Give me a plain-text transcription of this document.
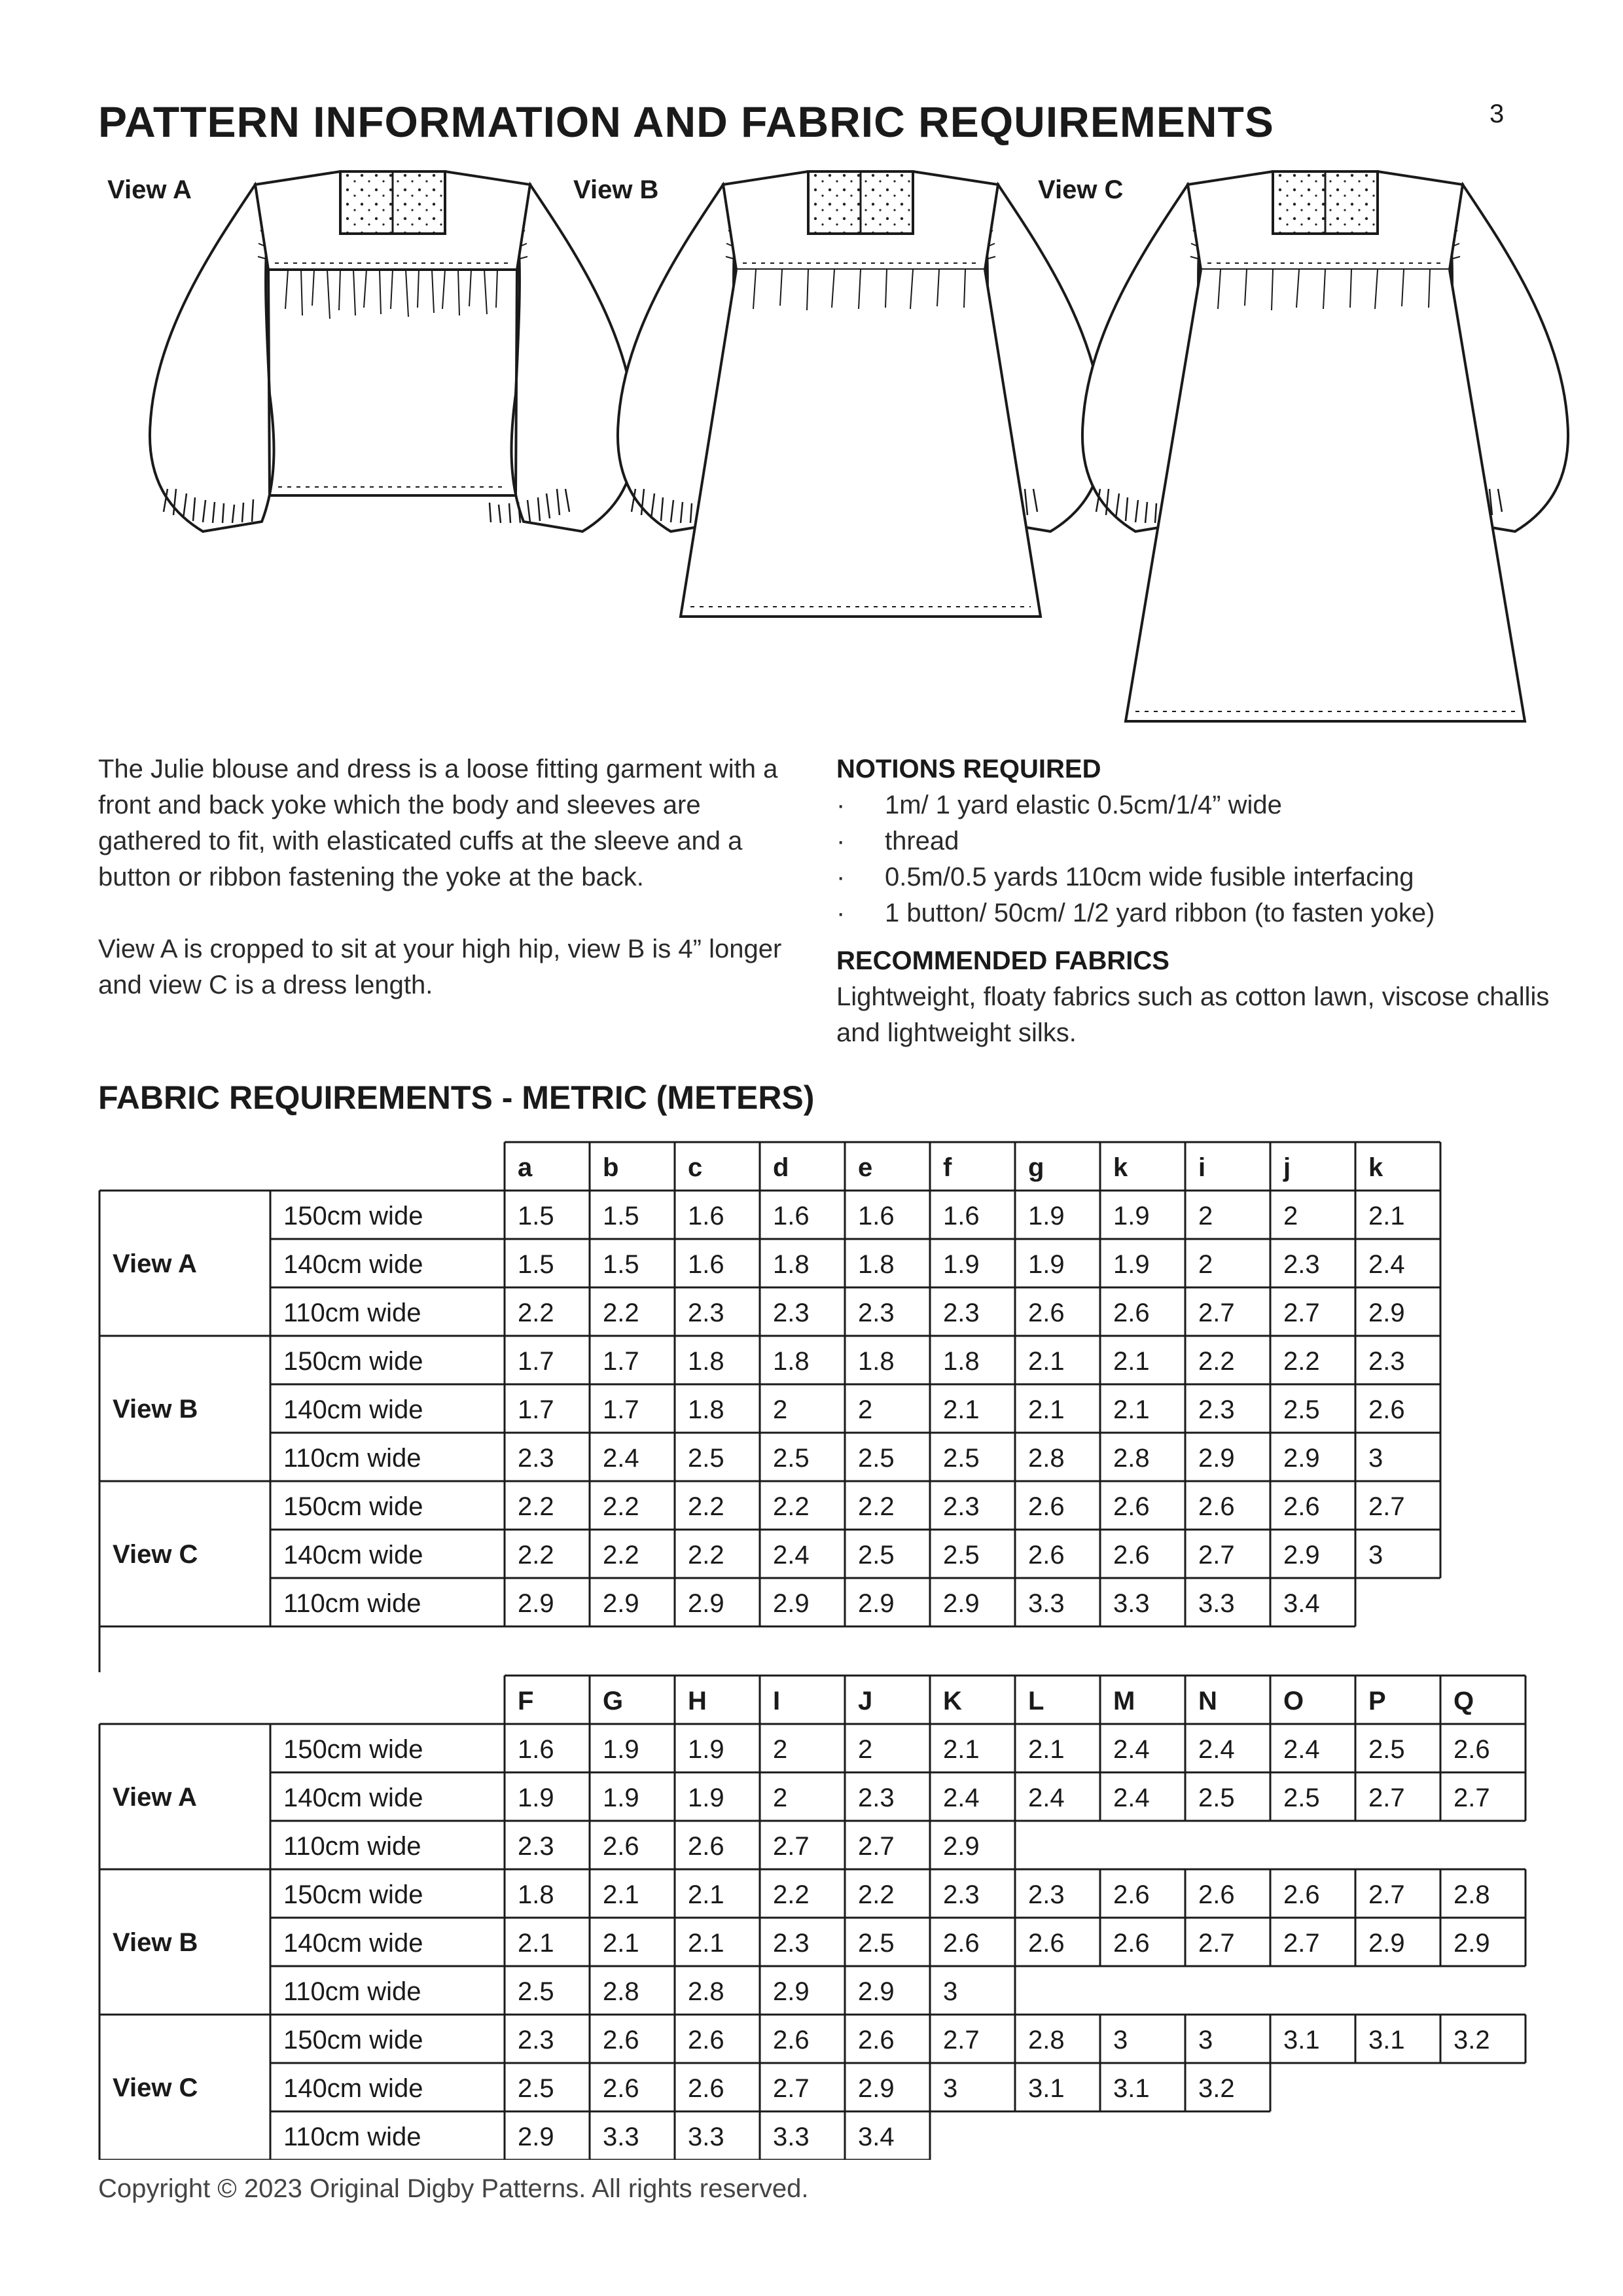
PATTERN INFORMATION AND FABRIC REQUIREMENTS	3
View A	View B	View C

The Julie blouse and dress is a loose fitting garment with a front and back yoke which the body and sleeves are gathered to fit, with elasticated cuffs at the sleeve and a button or ribbon fastening the yoke at the back.

View A is cropped to sit at your high hip, view B is 4” longer and view C is a dress length.

NOTIONS REQUIRED
· 1m/ 1 yard elastic 0.5cm/1/4” wide
· thread
· 0.5m/0.5 yards 110cm wide fusible interfacing
· 1 button/ 50cm/ 1/2 yard ribbon (to fasten yoke)
RECOMMENDED FABRICS

Lightweight, floaty fabrics such as cotton lawn, viscose challis and lightweight silks.

FABRIC REQUIREMENTS - METRIC (METERS)
a	b	c	d	e	f	g	k	i	j	k
View A
150cm wide	1.5 1.5 1.6 1.6 1.6 1.6 1.9 1.9 2	2	2.1
140cm wide	1.5 1.5 1.6 1.8 1.8 1.9 1.9 1.9 2	2.3 2.4
110cm wide	2.2 2.2 2.3 2.3 2.3 2.3 2.6 2.6 2.7 2.7 2.9
View B
150cm wide	1.7 1.7 1.8 1.8 1.8 1.8 2.1 2.1 2.2 2.2 2.3
140cm wide	1.7 1.7 1.8 2	2	2.1 2.1 2.1 2.3 2.5 2.6
110cm wide	2.3 2.4 2.5 2.5 2.5 2.5 2.8 2.8 2.9 2.9 3
View C
150cm wide	2.2 2.2 2.2 2.2 2.2 2.3 2.6 2.6 2.6 2.6 2.7
140cm wide	2.2 2.2 2.2 2.4 2.5 2.5 2.6 2.6 2.7 2.9 3
110cm wide	2.9 2.9 2.9 2.9 2.9 2.9 3.3 3.3 3.3 3.4
F	G H	I	J	K	L	M N	O P	Q
View A
150cm wide	1.6 1.9 1.9 2	2	2.1 2.1 2.4 2.4 2.4 2.5 2.6
140cm wide	1.9 1.9 1.9 2	2.3 2.4 2.4 2.4 2.5 2.5 2.7 2.7
110cm wide	2.3 2.6 2.6 2.7 2.7 2.9
View B
150cm wide	1.8 2.1 2.1 2.2 2.2 2.3 2.3 2.6 2.6 2.6 2.7 2.8
140cm wide	2.1 2.1 2.1 2.3 2.5 2.6 2.6 2.6 2.7 2.7 2.9 2.9
110cm wide	2.5 2.8 2.8 2.9 2.9 3
View C
150cm wide	2.3 2.6 2.6 2.6 2.6 2.7 2.8 3	3	3.1 3.1 3.2
140cm wide	2.5 2.6 2.6 2.7 2.9 3	3.1 3.1 3.2
110cm wide	2.9 3.3 3.3 3.3 3.4
Copyright © 2023 Original Digby Patterns. All rights reserved.
